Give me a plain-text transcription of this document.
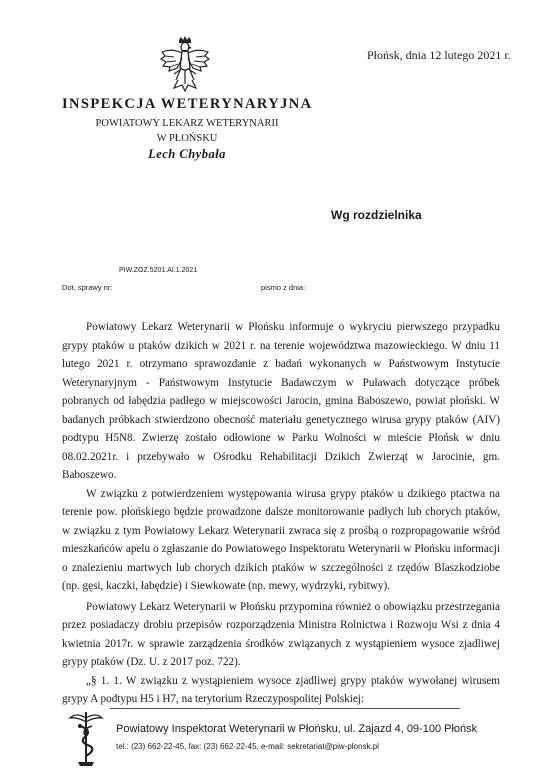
Płońsk, dnia 12 lutego 2021 r.
INSPEKCJA WETERYNARYJNA
POWIATOWY LEKARZ WETERYNARII
W PŁOŃSKU
Lech Chybała
Wg rozdzielnika
PIW.ZOZ.5201.AI.1.2021
Dot. sprawy nr:	pismo z dnia:

Powiatowy Lekarz Weterynarii w Płońsku informuje o wykryciu pierwszego przypadku grypy ptaków u ptaków dzikich w 2021 r. na terenie województwa mazowieckiego. W dniu 11 lutego 2021 r. otrzymano sprawozdanie z badań wykonanych w Państwowym Instytucie Weterynaryjnym - Państwowym Instytucie Badawczym w Puławach dotyczące próbek pobranych od łabędzia padłego w miejscowości Jarocin, gmina Baboszewo, powiat płoński. W badanych próbkach stwierdzono obecność materiału genetycznego wirusa grypy ptaków (AIV) podtypu H5N8. Zwierzę zostało odłowione w Parku Wolności w mieście Płońsk w dniu 08.02.2021r. i przebywało w Ośrodku Rehabilitacji Dzikich Zwierząt w Jarocinie, gm. Baboszewo.

W związku z potwierdzeniem występowania wirusa grypy ptaków u dzikiego ptactwa na terenie pow. płońskiego będzie prowadzone dalsze monitorowanie padłych lub chorych ptaków, w związku z tym Powiatowy Lekarz Weterynarii zwraca się z prośbą o rozpropagowanie wśród mieszkańców apelu o zgłaszanie do Powiatowego Inspektoratu Weterynarii w Płońsku informacji o znalezieniu martwych lub chorych dzikich ptaków w szczególności z rzędów Blaszkodziobe (np. gęsi, kaczki, łabędzie) i Siewkowate (np. mewy, wydrzyki, rybitwy).

Powiatowy Lekarz Weterynarii w Płońsku przypomina również o obowiązku przestrzegania przez posiadaczy drobiu przepisów rozporządzenia Ministra Rolnictwa i Rozwoju Wsi z dnia 4 kwietnia 2017r. w sprawie zarządzenia środków związanych z wystąpieniem wysoce zjadliwej grypy ptaków (Dz. U. z 2017 poz. 722).

„§ 1. 1. W związku z wystąpieniem wysoce zjadliwej grypy ptaków wywołanej wirusem grypy A podtypu H5 i H7, na terytorium Rzeczypospolitej Polskiej:

Powiatowy Inspektorat Weterynarii w Płońsku, ul. Zajazd 4, 09-100 Płońsk
tel.: (23) 662-22-45, fax: (23) 662-22-45, e-mail: sekretariat@piw-plonsk.pl
